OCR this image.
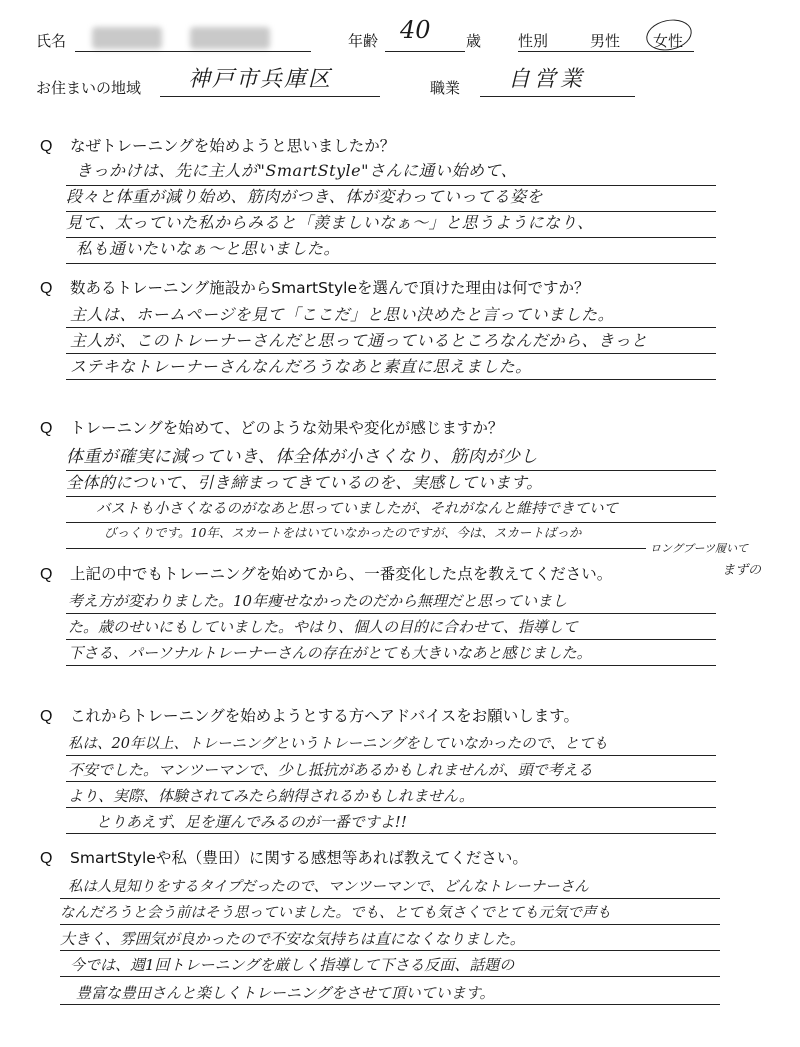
氏名	年齢 40 歳 性別	男性 女性
お住まいの地域 神戸市兵庫区	職業 自営業
Q なぜトレーニングを始めようと思いましたか？
きっかけは、先に主人が"SmartStyle"さんに通い始めて、
段々と体重が減り始め、筋肉がつき、体が変わっていってる姿を
見て、太っていた私からみると「羨ましいなぁ〜」と思うようになり、
私も通いたいなぁ〜と思いました。
Q 数あるトレーニング施設からSmartStyleを選んで頂けた理由は何ですか？
主人は、ホームページを見て「ここだ」と思い決めたと言っていました。
主人が、このトレーナーさんだと思って通っているところなんだから、きっと
ステキなトレーナーさんなんだろうなあと素直に思えました。
Q トレーニングを始めて、どのような効果や変化が感じますか？
体重が確実に減っていき、体全体が小さくなり、筋肉が少し
全体的について、引き締まってきているのを、実感しています。
バストも小さくなるのがなあと思っていましたが、それがなんと維持できていて
びっくりです。10年、スカートをはいていなかったのですが、今は、スカートばっか
ロングブーツ履いて
Q 上記の中でもトレーニングを始めてから、一番変化した点を教えてください。	まずの
考え方が変わりました。10年痩せなかったのだから無理だと思っていまし
た。歳のせいにもしていました。やはり、個人の目的に合わせて、指導して
下さる、パーソナルトレーナーさんの存在がとても大きいなあと感じました。
Q これからトレーニングを始めようとする方へアドバイスをお願いします。
私は、20年以上、トレーニングというトレーニングをしていなかったので、とても
不安でした。マンツーマンで、少し抵抗があるかもしれませんが、頭で考える
より、実際、体験されてみたら納得されるかもしれません。
とりあえず、足を運んでみるのが一番ですよ!!
Q SmartStyleや私（豊田）に関する感想等あれば教えてください。
私は人見知りをするタイプだったので、マンツーマンで、どんなトレーナーさん
なんだろうと会う前はそう思っていました。でも、とても気さくでとても元気で声も
大きく、雰囲気が良かったので不安な気持ちは直になくなりました。
今では、週1回トレーニングを厳しく指導して下さる反面、話題の
豊富な豊田さんと楽しくトレーニングをさせて頂いています。
